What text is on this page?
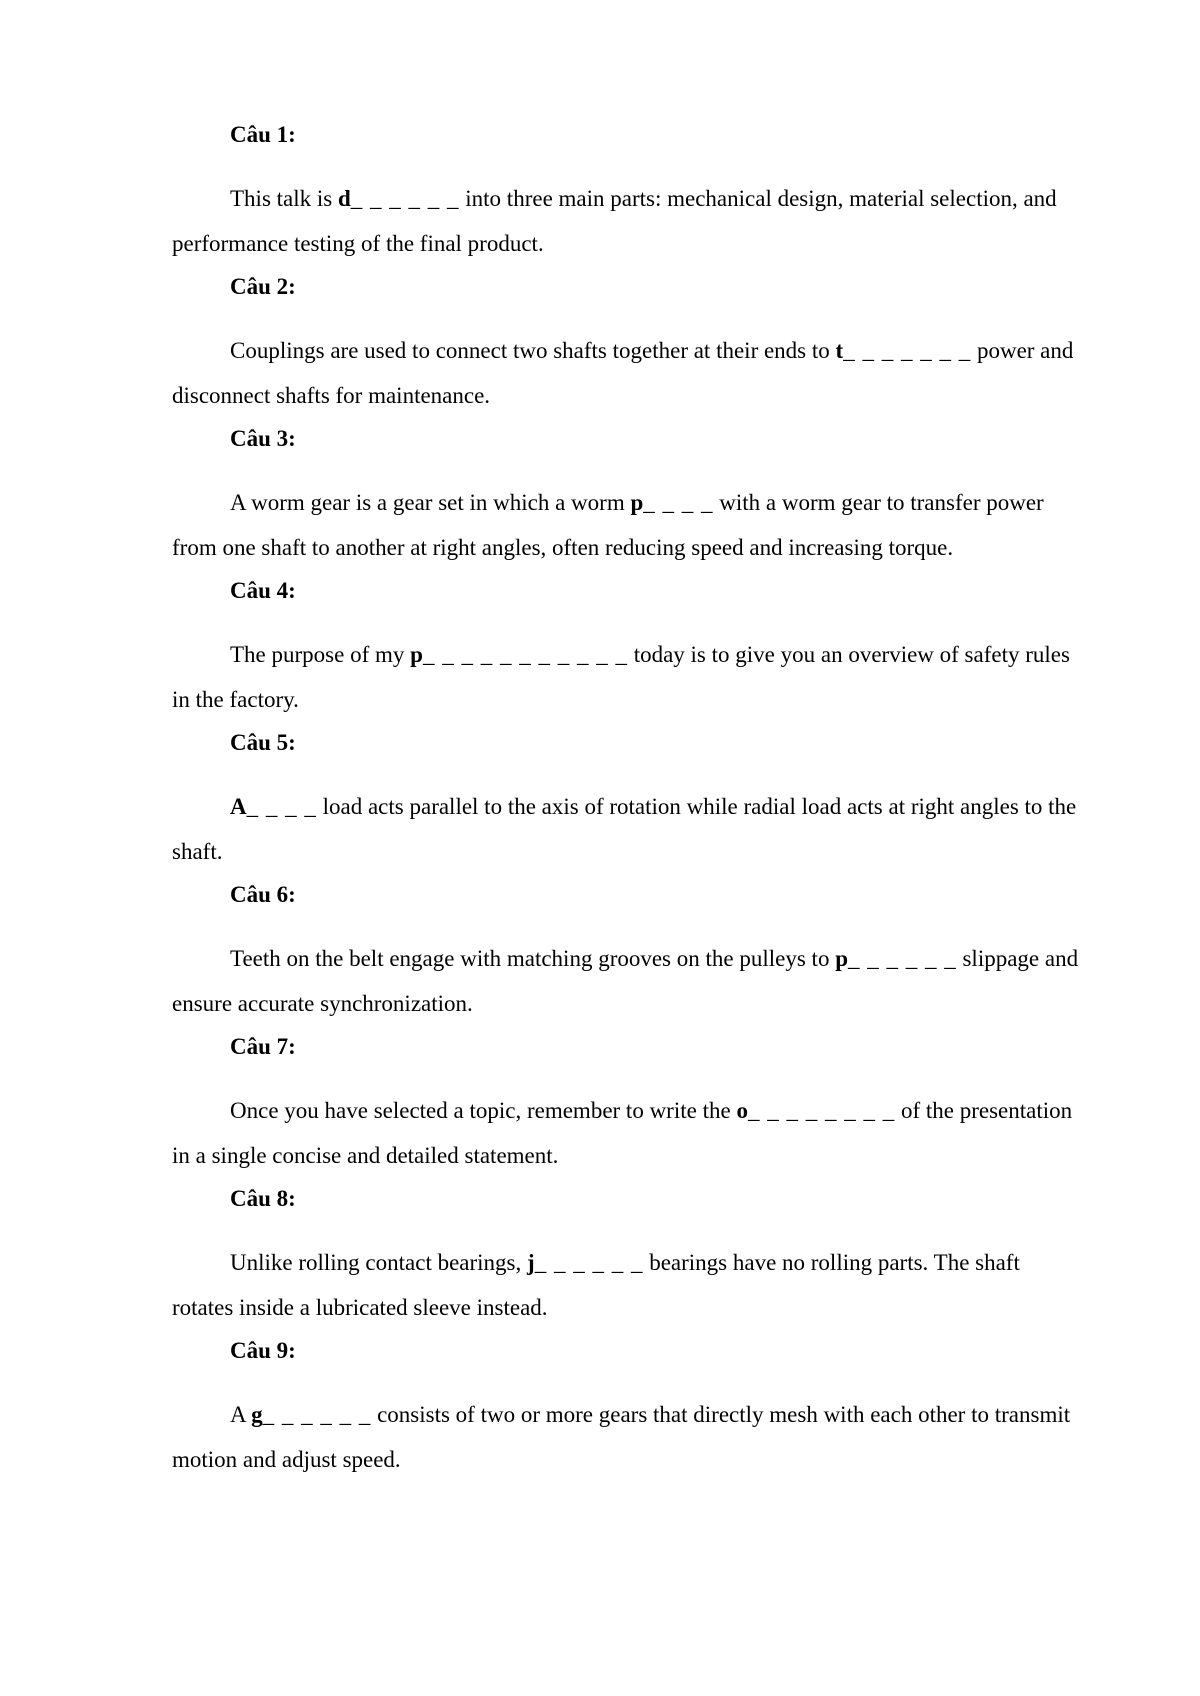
Câu 1:

This talk is d_ _ _ _ _ _ into three main parts: mechanical design, material selection, and performance testing of the final product.

Câu 2:

Couplings are used to connect two shafts together at their ends to t_ _ _ _ _ _ _ power and disconnect shafts for maintenance.

Câu 3:

A worm gear is a gear set in which a worm p_ _ _ _ with a worm gear to transfer power from one shaft to another at right angles, often reducing speed and increasing torque.

Câu 4:

The purpose of my p_ _ _ _ _ _ _ _ _ _ _ today is to give you an overview of safety rules in the factory.

Câu 5:

A_ _ _ _ load acts parallel to the axis of rotation while radial load acts at right angles to the shaft.

Câu 6:

Teeth on the belt engage with matching grooves on the pulleys to p_ _ _ _ _ _ slippage and ensure accurate synchronization.

Câu 7:

Once you have selected a topic, remember to write the o_ _ _ _ _ _ _ _ of the presentation in a single concise and detailed statement.

Câu 8:

Unlike rolling contact bearings, j_ _ _ _ _ _ bearings have no rolling parts. The shaft rotates inside a lubricated sleeve instead.

Câu 9:

A g_ _ _ _ _ _ consists of two or more gears that directly mesh with each other to transmit motion and adjust speed.
